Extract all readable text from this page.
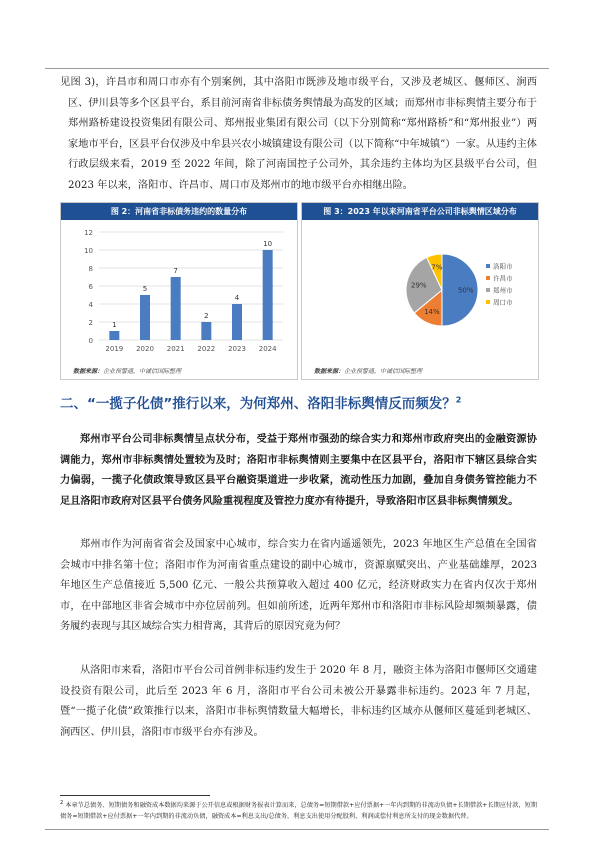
见图 3)，许昌市和周口市亦有个别案例，其中洛阳市既涉及地市级平台，又涉及老城区、偃师区、涧西区、伊川县等多个区县平台，系目前河南省非标债务舆情最为高发的区域；而郑州市非标舆情主要分布于郑州路桥建设投资集团有限公司、郑州报业集团有限公司（以下分别简称“郑州路桥”和“郑州报业”）两家地市平台，区县平台仅涉及中牟县兴农小城镇建设有限公司（以下简称“中年城镇”）一家。从违约主体行政层级来看，2019 至 2022 年间，除了河南国控子公司外，其余违约主体均为区县级平台公司，但 2023 年以来，洛阳市、许昌市、周口市及郑州市的地市级平台亦相继出险。

图 2：河南省非标债务违约的数量分布
0
2
4
6
8
10
12
1
2019
5
2020
7
2021
2
2022
4
2023
10
2024
数据来源：企业预警通，中诚信国际整理
图 3：2023 年以来河南省平台公司非标舆情区域分布
50%
14%
29%
7%	洛阳市
许昌市
郑州市
周口市
数据来源：企业预警通，中诚信国际整理
二、“一揽子化债”推行以来，为何郑州、洛阳非标舆情反而频发？$^2$

郑州市平台公司非标舆情呈点状分布，受益于郑州市强劲的综合实力和郑州市政府突出的金融资源协调能力，郑州市非标舆情处置较为及时；洛阳市非标舆情则主要集中在区县平台，洛阳市下辖区县综合实力偏弱，一揽子化债政策导致区县平台融资渠道进一步收紧，流动性压力加剧，叠加自身债务管控能力不足且洛阳市政府对区县平台债务风险重视程度及管控力度亦有待提升，导致洛阳市区县非标舆情频发。

郑州市作为河南省省会及国家中心城市，综合实力在省内遥遥领先，2023 年地区生产总值在全国省会城市中排名第十位；洛阳市作为河南省重点建设的副中心城市，资源禀赋突出、产业基础雄厚，2023 年地区生产总值接近 5,500 亿元、一般公共预算收入超过 400 亿元，经济财政实力在省内仅次于郑州市，在中部地区非省会城市中亦位居前列。但如前所述，近两年郑州市和洛阳市非标风险却频频暴露，债务履约表现与其区域综合实力相背离，其背后的原因究竟为何？

从洛阳市来看，洛阳市平台公司首例非标违约发生于 2020 年 8 月，融资主体为洛阳市偃师区交通建设投资有限公司，此后至 2023 年 6 月，洛阳市平台公司未被公开暴露非标违约。2023 年 7 月起，暨“一揽子化债”政策推行以来，洛阳市非标舆情数量大幅增长，非标违约区域亦从偃师区蔓延到老城区、涧西区、伊川县，洛阳市市级平台亦有涉及。

$^2$ 本章节总债务、短期债务和融资成本数据均来源于公开信息或根据财务报表计算而来，总债务=短期借款+应付票据+一年内到期的非流动负债+长期借款+长期应付款，短期债务=短期借款+应付票据+一年内到期的非流动负债，融资成本=利息支出/总债务，利息支出使用分配股利、利润或偿付利息所支付的现金数据代替。
